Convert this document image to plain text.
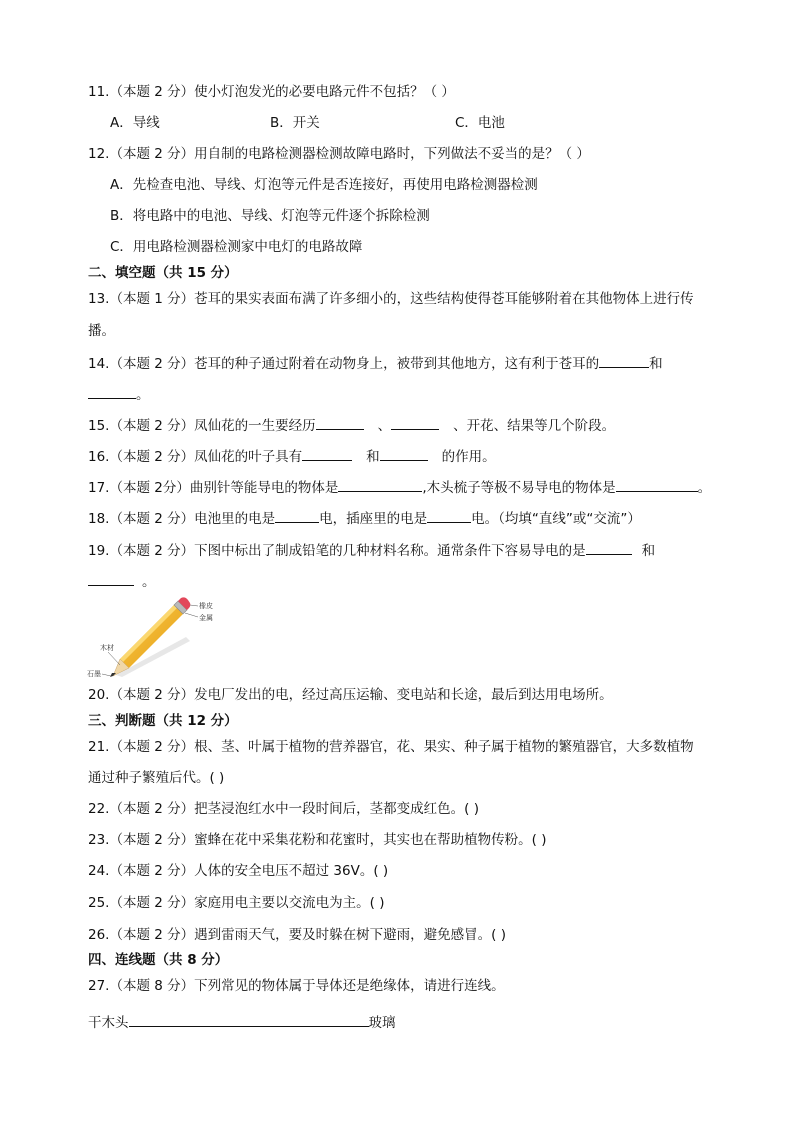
11.（本题 2 分）使小灯泡发光的必要电路元件不包括？（ ）
A．导线	B．开关	C．电池
12.（本题 2 分）用自制的电路检测器检测故障电路时，下列做法不妥当的是？（ ）
A．先检查电池、导线、灯泡等元件是否连接好，再使用电路检测器检测
B．将电路中的电池、导线、灯泡等元件逐个拆除检测
C．用电路检测器检测家中电灯的电路故障
二、填空题（共 15 分）
13.（本题 1 分）苍耳的果实表面布满了许多细小的，这些结构使得苍耳能够附着在其他物体上进行传
播。
14.（本题 2 分）苍耳的种子通过附着在动物身上，被带到其他地方，这有利于苍耳的	和
。
15.（本题 2 分）凤仙花的一生要经历	、	、开花、结果等几个阶段。
16.（本题 2 分）凤仙花的叶子具有	和	的作用。
17.（本题 2分）曲别针等能导电的物体是	,木头梳子等极不易导电的物体是	。
18.（本题 2 分）电池里的电是	电，插座里的电是	电。（均填“直线”或“交流”）
19.（本题 2 分）下图中标出了制成铅笔的几种材料名称。通常条件下容易导电的是	和
。
橡皮
金属
木材
石墨
20.（本题 2 分）发电厂发出的电，经过高压运输、变电站和长途，最后到达用电场所。
三、判断题（共 12 分）
21.（本题 2 分）根、茎、叶属于植物的营养器官，花、果实、种子属于植物的繁殖器官，大多数植物
通过种子繁殖后代。( )
22.（本题 2 分）把茎浸泡红水中一段时间后，茎都变成红色。( )
23.（本题 2 分）蜜蜂在花中采集花粉和花蜜时，其实也在帮助植物传粉。( )
24.（本题 2 分）人体的安全电压不超过 36V。( )
25.（本题 2 分）家庭用电主要以交流电为主。( )
26.（本题 2 分）遇到雷雨天气，要及时躲在树下避雨，避免感冒。( )
四、连线题（共 8 分）
27.（本题 8 分）下列常见的物体属于导体还是绝缘体，请进行连线。
干木头	玻璃
